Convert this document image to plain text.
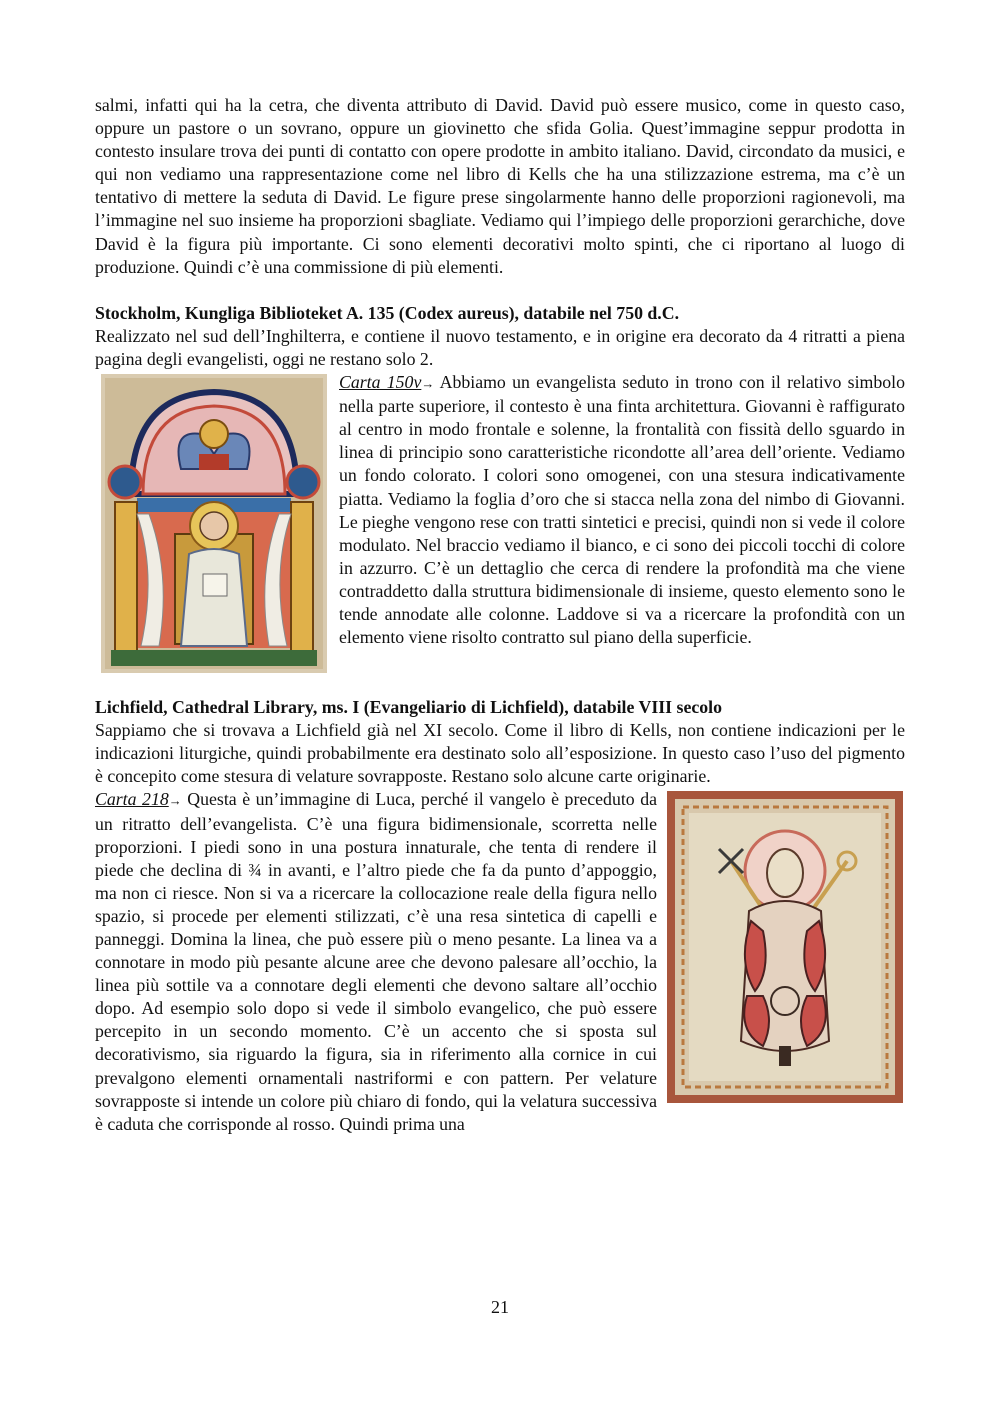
salmi, infatti qui ha la cetra, che diventa attributo di David. David può essere musico, come in questo caso, oppure un pastore o un sovrano, oppure un giovinetto che sfida Golia. Quest’immagine seppur prodotta in contesto insulare trova dei punti di contatto con opere prodotte in ambito italiano. David, circondato da musici, e qui non vediamo una rappresentazione come nel libro di Kells che ha una stilizzazione estrema, ma c’è un tentativo di mettere la seduta di David. Le figure prese singolarmente hanno delle proporzioni ragionevoli, ma l’immagine nel suo insieme ha proporzioni sbagliate. Vediamo qui l’impiego delle proporzioni gerarchiche, dove David è la figura più importante. Ci sono elementi decorativi molto spinti, che ci riportano al luogo di produzione. Quindi c’è una commissione di più elementi.

Stockholm, Kungliga Biblioteket A. 135 (Codex aureus), databile nel 750 d.C.

Realizzato nel sud dell’Inghilterra, e contiene il nuovo testamento, e in origine era decorato da 4 ritratti a piena pagina degli evangelisti, oggi ne restano solo 2.

Carta 150v→ Abbiamo un evangelista seduto in trono con il relativo simbolo nella parte superiore, il contesto è una finta architettura. Giovanni è raffigurato al centro in modo frontale e solenne, la frontalità con fissità dello sguardo in linea di principio sono caratteristiche ricondotte all’area dell’oriente. Vediamo un fondo colorato. I colori sono omogenei, con una stesura indicativamente piatta. Vediamo la foglia d’oro che si stacca nella zona del nimbo di Giovanni. Le pieghe vengono rese con tratti sintetici e precisi, quindi non si vede il colore modulato. Nel braccio vediamo il bianco, e ci sono dei piccoli tocchi di colore in azzurro. C’è un dettaglio che cerca di rendere la profondità ma che viene contraddetto dalla struttura bidimensionale di insieme, questo elemento sono le tende annodate alle colonne. Laddove si va a ricercare la profondità con un elemento viene risolto contratto sul piano della superficie.

Lichfield, Cathedral Library, ms. I (Evangeliario di Lichfield), databile VIII secolo

Sappiamo che si trovava a Lichfield già nel XI secolo. Come il libro di Kells, non contiene indicazioni per le indicazioni liturgiche, quindi probabilmente era destinato solo all’esposizione. In questo caso l’uso del pigmento è concepito come stesura di velature sovrapposte. Restano solo alcune carte originarie.

Carta 218→ Questa è un’immagine di Luca, perché il vangelo è preceduto da un ritratto dell’evangelista. C’è una figura bidimensionale, scorretta nelle proporzioni. I piedi sono in una postura innaturale, che tenta di rendere il piede che declina di ¾ in avanti, e l’altro piede che fa da punto d’appoggio, ma non ci riesce. Non si va a ricercare la collocazione reale della figura nello spazio, si procede per elementi stilizzati, c’è una resa sintetica di capelli e panneggi. Domina la linea, che può essere più o meno pesante. La linea va a connotare in modo più pesante alcune aree che devono palesare all’occhio, la linea più sottile va a connotare degli elementi che devono saltare all’occhio dopo. Ad esempio solo dopo si vede il simbolo evangelico, che può essere percepito in un secondo momento. C’è un accento che si sposta sul decorativismo, sia riguardo la figura, sia in riferimento alla cornice in cui prevalgono elementi ornamentali nastriformi e con pattern. Per velature sovrapposte si intende un colore più chiaro di fondo, qui la velatura successiva è caduta che corrisponde al rosso. Quindi prima una

21
